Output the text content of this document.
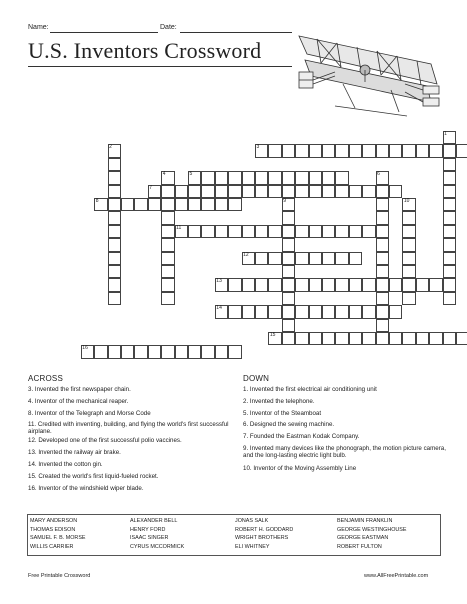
Name:	Date:
U.S. Inventors Crossword
1
2	3
4	5	6
7
8	9	10
11
12
13
14
15
16
ACROSS
3. Invented the first newspaper chain.
4. Inventor of the mechanical reaper.
8. Inventor of the Telegraph and Morse Code
11. Credited with inventing, building, and flying the world's first successful airplane.
12. Developed one of the first successful polio vaccines.
13. Invented the railway air brake.
14. Invented the cotton gin.
15. Created the world's first liquid-fueled rocket.
16. Inventor of the windshield wiper blade.
DOWN
1. Invented the first electrical air conditioning unit
2. Invented the telephone.
5. Inventor of the Steamboat
6. Designed the sewing machine.
7. Founded the Eastman Kodak Company.
9. Invented many devices like the phonograph, the motion picture camera, and the long-lasting electric light bulb.
10. Inventor of the Moving Assembly Line
MARY ANDERSON
THOMAS EDISON
SAMUEL F. B. MORSE
WILLIS CARRIER
ALEXANDER BELL
HENRY FORD
ISAAC SINGER
CYRUS MCCORMICK
JONAS SALK
ROBERT H. GODDARD
WRIGHT BROTHERS
ELI WHITNEY
BENJAMIN FRANKLIN
GEORGE WESTINGHOUSE
GEORGE EASTMAN
ROBERT FULTON
Free Printable Crossword	www.AllFreePrintable.com
